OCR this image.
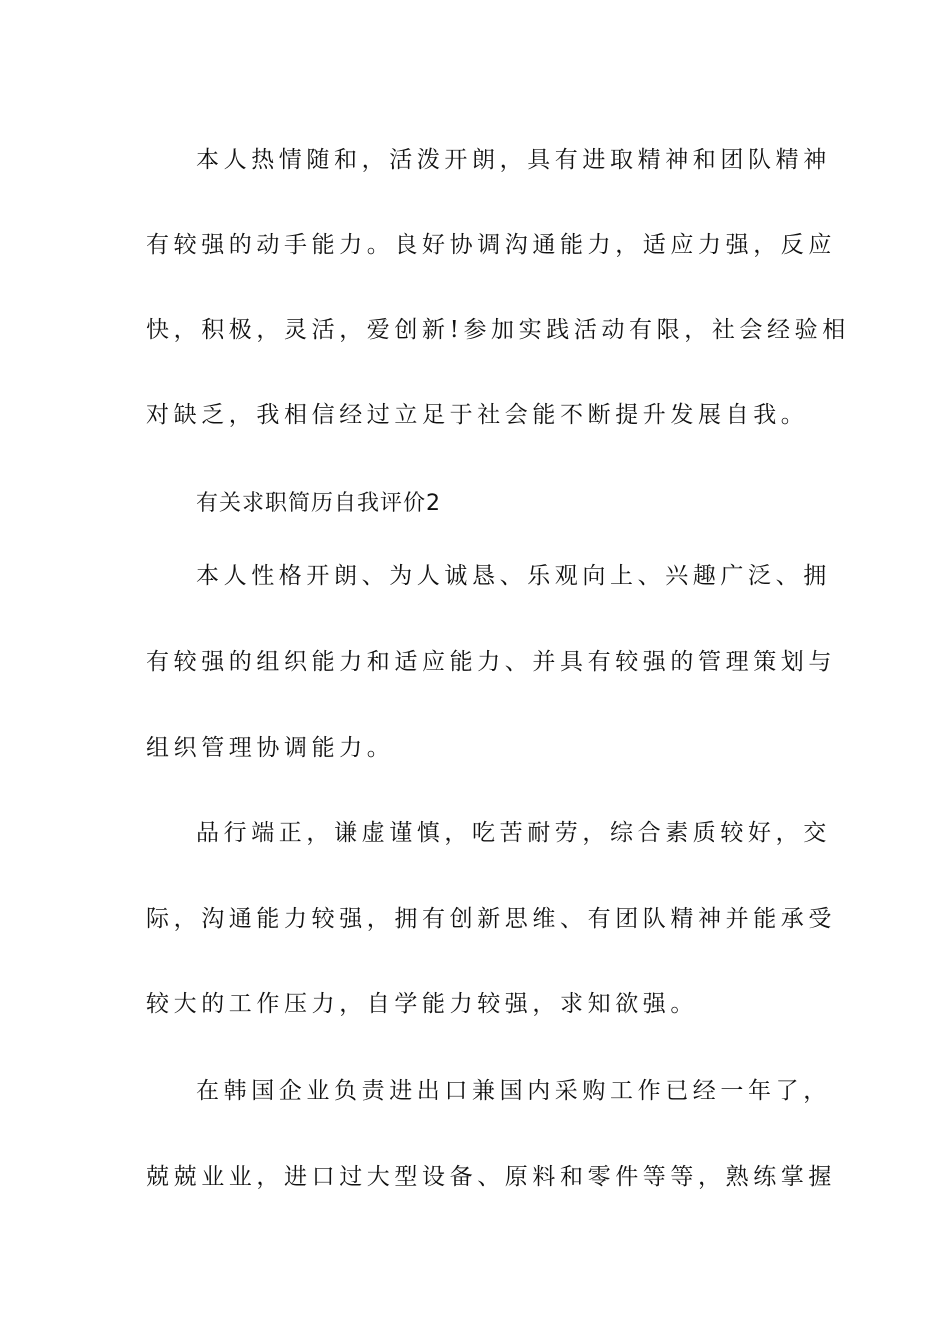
本人热情随和，活泼开朗，具有进取精神和团队精神
有较强的动手能力。良好协调沟通能力，适应力强，反应
快，积极，灵活，爱创新!参加实践活动有限，社会经验相
对缺乏，我相信经过立足于社会能不断提升发展自我。
有关求职简历自我评价2
本人性格开朗、为人诚恳、乐观向上、兴趣广泛、拥
有较强的组织能力和适应能力、并具有较强的管理策划与
组织管理协调能力。
品行端正，谦虚谨慎，吃苦耐劳，综合素质较好，交
际，沟通能力较强，拥有创新思维、有团队精神并能承受
较大的工作压力，自学能力较强，求知欲强。
在韩国企业负责进出口兼国内采购工作已经一年了，
兢兢业业，进口过大型设备、原料和零件等等，熟练掌握
